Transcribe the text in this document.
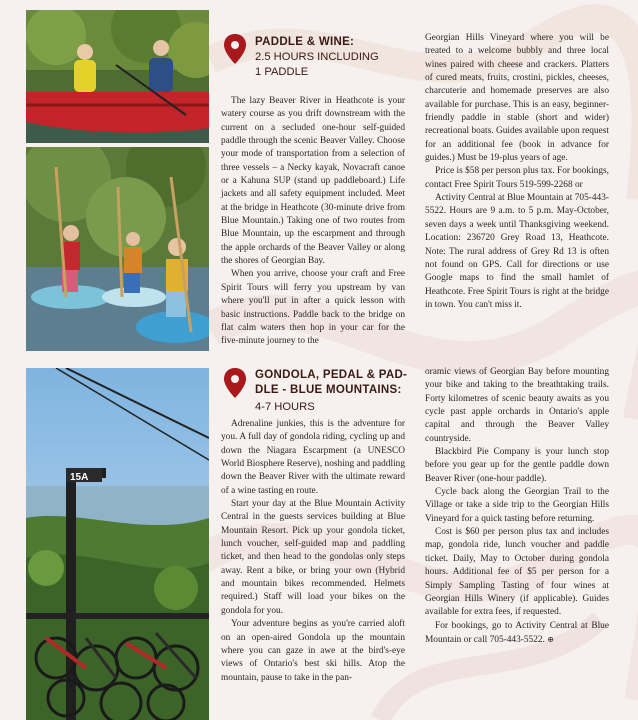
15A
PADDLE & WINE:
2.5 HOURS INCLUDING
1 PADDLE

The lazy Beaver River in Heathcote is your watery course as you drift downstream with the current on a secluded one-hour self-guided paddle through the scenic Beaver Valley. Choose your mode of transportation from a selection of three vessels – a Necky kayak, Novacraft canoe or a Kahuna SUP (stand up paddleboard.) Life jackets and all safety equipment included. Meet at the bridge in Heathcote (30-minute drive from Blue Mountain.) Taking one of two routes from Blue Mountain, up the escarpment and through the apple orchards of the Beaver Valley or along the shores of Georgian Bay.

When you arrive, choose your craft and Free Spirit Tours will ferry you upstream by van where you'll put in after a quick lesson with basic instructions. Paddle back to the bridge on flat calm waters then hop in your car for the five-minute journey to the

Georgian Hills Vineyard where you will be treated to a welcome bubbly and three local wines paired with cheese and crackers. Platters of cured meats, fruits, crostini, pickles, cheeses, charcuterie and homemade preserves are also available for purchase. This is an easy, beginner-friendly paddle in stable (short and wider) recreational boats. Guides available upon request for an additional fee (book in advance for guides.) Must be 19-plus years of age.

Price is $58 per person plus tax. For bookings, contact Free Spirit Tours 519-599-2268 or

Activity Central at Blue Mountain at 705-443-5522. Hours are 9 a.m. to 5 p.m. May-October, seven days a week until Thanksgiving weekend. Location: 236720 Grey Road 13, Heathcote. Note: The rural address of Grey Rd 13 is often not found on GPS. Call for directions or use Google maps to find the small hamlet of Heathcote. Free Spirit Tours is right at the bridge in town. You can't miss it.

GONDOLA, PEDAL & PAD-
DLE - BLUE MOUNTAINS:
4-7 HOURS

Adrenaline junkies, this is the adventure for you. A full day of gondola riding, cycling up and down the Niagara Escarpment (a UNESCO World Biosphere Reserve), noshing and paddling down the Beaver River with the ultimate reward of a wine tasting en route.

Start your day at the Blue Mountain Activity Central in the guests services building at Blue Mountain Resort. Pick up your gondola ticket, lunch voucher, self-guided map and paddling ticket, and then head to the gondolas only steps away. Rent a bike, or bring your own (Hybrid and mountain bikes recommended. Helmets required.) Staff will load your bikes on the gondola for you.

Your adventure begins as you're carried aloft on an open-aired Gondola up the mountain where you can gaze in awe at the bird's-eye views of Ontario's best ski hills. Atop the mountain, pause to take in the pan-

oramic views of Georgian Bay before mounting your bike and taking to the breathtaking trails. Forty kilometres of scenic beauty awaits as you cycle past apple orchards in Ontario's apple capital and through the Beaver Valley countryside.

Blackbird Pie Company is your lunch stop before you gear up for the gentle paddle down Beaver River (one-hour paddle).

Cycle back along the Georgian Trail to the Village or take a side trip to the Georgian Hills Vineyard for a quick tasting before returning.

Cost is $60 per person plus tax and includes map, gondola ride, lunch voucher and paddle ticket. Daily, May to October during gondola hours. Additional fee of $5 per person for a Simply Sampling Tasting of four wines at Georgian Hills Winery (if applicable). Guides available for extra fees, if requested.

For bookings, go to Activity Central at Blue Mountain or call 705-443-5522. ⊕
